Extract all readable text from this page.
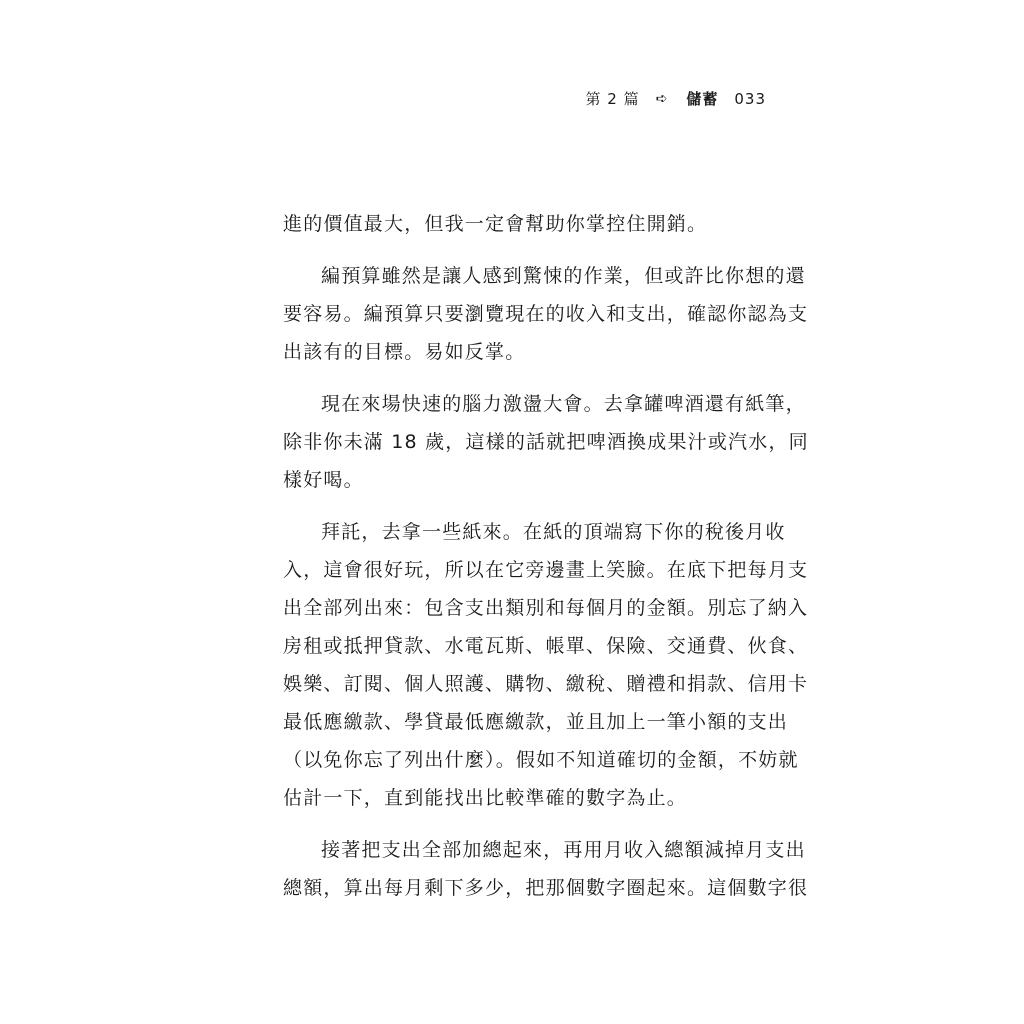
第 2 篇 ➪ 儲蓄 033

進的價值最大，但我一定會幫助你掌控住開銷。

編預算雖然是讓人感到驚悚的作業，但或許比你想的還
要容易。編預算只要瀏覽現在的收入和支出，確認你認為支
出該有的目標。易如反掌。

現在來場快速的腦力激盪大會。去拿罐啤酒還有紙筆，
除非你未滿 18 歲，這樣的話就把啤酒換成果汁或汽水，同
樣好喝。

拜託，去拿一些紙來。在紙的頂端寫下你的稅後月收
入，這會很好玩，所以在它旁邊畫上笑臉。在底下把每月支
出全部列出來：包含支出類別和每個月的金額。別忘了納入
房租或抵押貸款、水電瓦斯、帳單、保險、交通費、伙食、
娛樂、訂閱、個人照護、購物、繳稅、贈禮和捐款、信用卡
最低應繳款、學貸最低應繳款，並且加上一筆小額的支出
（以免你忘了列出什麼）。假如不知道確切的金額，不妨就
估計一下，直到能找出比較準確的數字為止。

接著把支出全部加總起來，再用月收入總額減掉月支出
總額，算出每月剩下多少，把那個數字圈起來。這個數字很
